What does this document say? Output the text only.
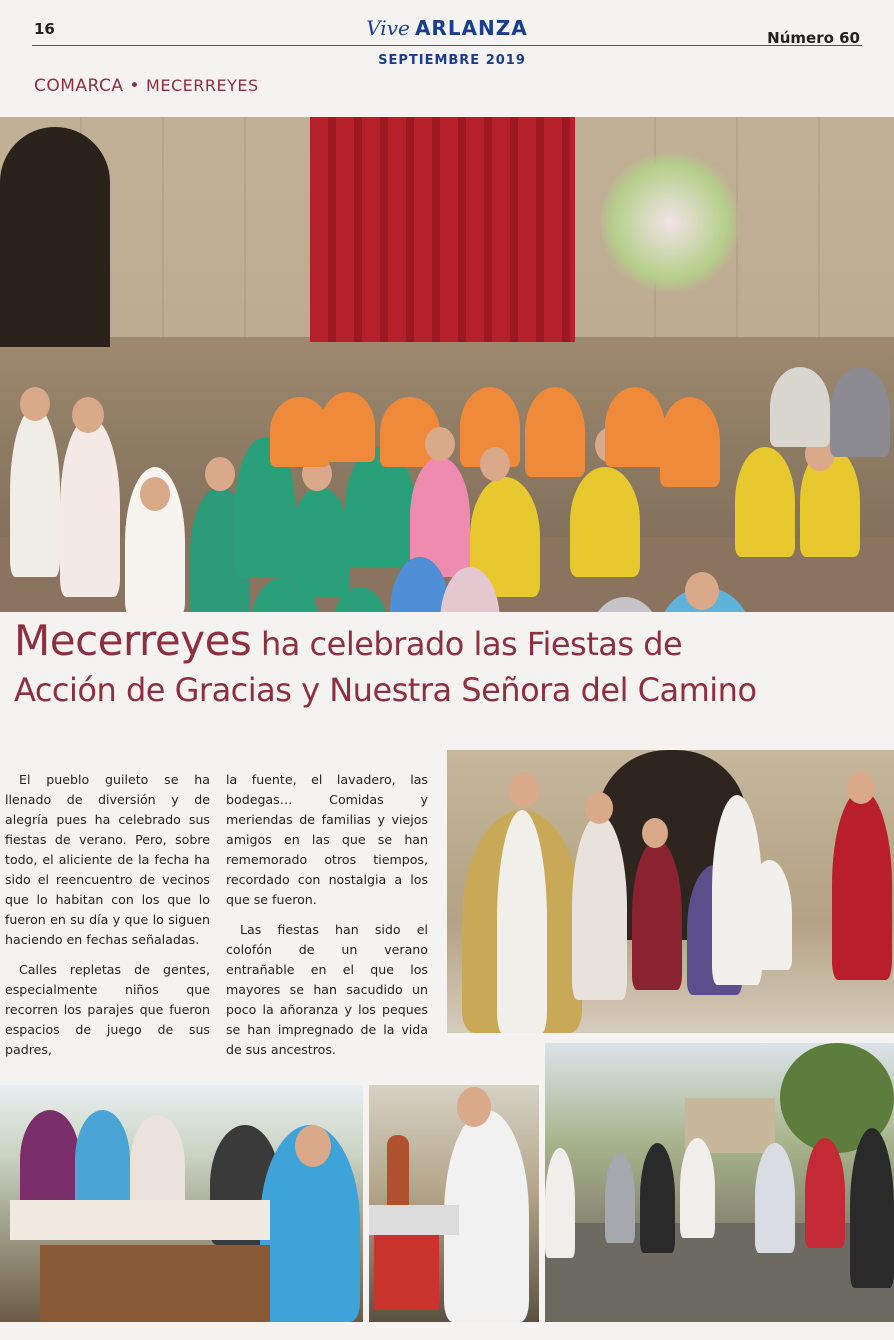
16	Vive ARLANZA
SEPTIEMBRE 2019
Número 60
COMARCA • MECERREYES
Mecerreyes ha celebrado las Fiestas de
Acción de Gracias y Nuestra Señora del Camino

El pueblo guileto se ha llenado de diversión y de alegría pues ha celebrado sus fiestas de verano. Pero, sobre todo, el aliciente de la fecha ha sido el reencuentro de vecinos que lo habitan con los que lo fueron en su día y que lo siguen haciendo en fechas señaladas.

Calles repletas de gentes, especialmente niños que recorren los parajes que fueron espacios de juego de sus padres,

la fuente, el lavadero, las bodegas… Comidas y meriendas de familias y viejos amigos en las que se han rememorado otros tiempos, recordado con nostalgia a los que se fueron.

Las fiestas han sido el colofón de un verano entrañable en el que los mayores se han sacudido un poco la añoranza y los peques se han impregnado de la vida de sus ancestros.
